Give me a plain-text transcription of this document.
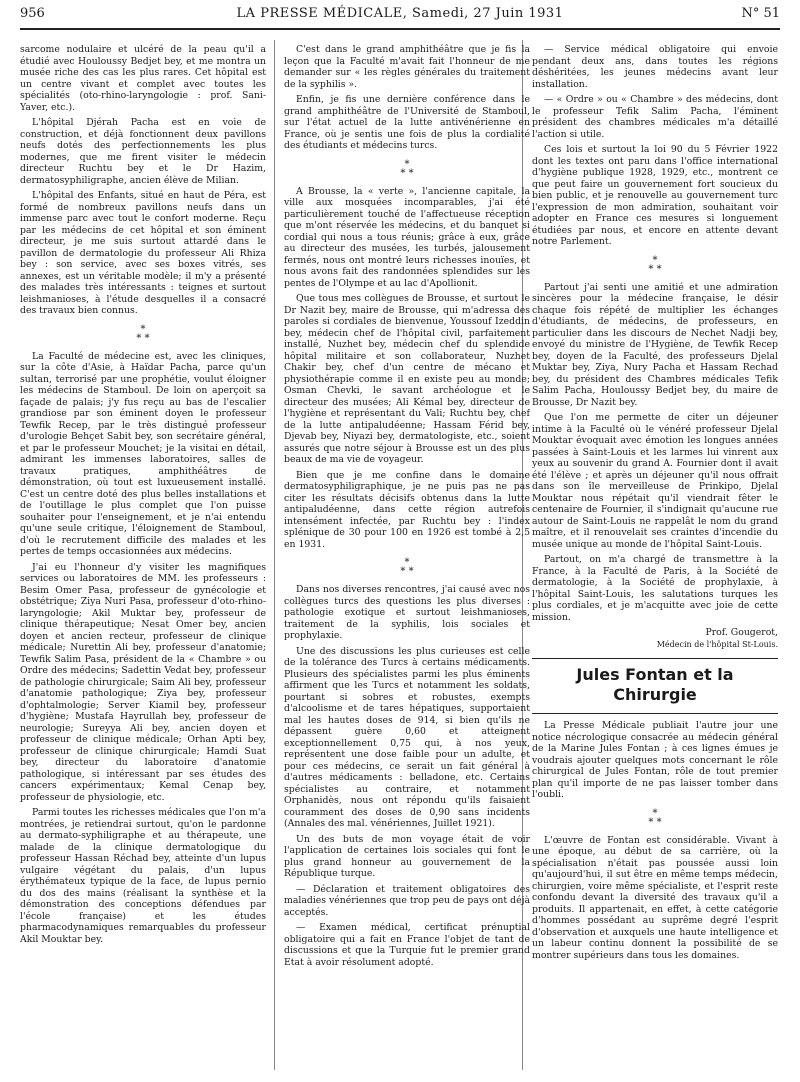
956	LA PRESSE MÉDICALE, Samedi, 27 Juin 1931	N° 51

sarcome nodulaire et ulcéré de la peau qu'il a étudié avec Houloussy Bedjet bey, et me montra un musée riche des cas les plus rares. Cet hôpital est un centre vivant et complet avec toutes les spécialités (oto-rhino-laryngologie : prof. Sani-Yaver, etc.).

L'hôpital Djérah Pacha est en voie de construction, et déjà fonctionnent deux pavillons neufs dotés des perfectionnements les plus modernes, que me firent visiter le médecin directeur Ruchtu bey et le Dr Hazim, dermatosyphiligraphe, ancien élève de Milian.

L'hôpital des Enfants, situé en haut de Péra, est formé de nombreux pavillons neufs dans un immense parc avec tout le confort moderne. Reçu par les médecins de cet hôpital et son éminent directeur, je me suis surtout attardé dans le pavillon de dermatologie du professeur Ali Rhiza bey : son service, avec ses boxes vitrés, ses annexes, est un véritable modèle; il m'y a présenté des malades très intéressants : teignes et surtout leishmanioses, à l'étude desquelles il a consacré des travaux bien connus.

*
* *

La Faculté de médecine est, avec les cliniques, sur la côte d'Asie, à Haïdar Pacha, parce qu'un sultan, terrorisé par une prophétie, voulut éloigner les médecins de Stamboul. De loin on aperçoit sa façade de palais; j'y fus reçu au bas de l'escalier grandiose par son éminent doyen le professeur Tewfik Recep, par le très distingué professeur d'urologie Behçet Sabit bey, son secrétaire général, et par le professeur Mouchet; je la visitai en détail, admirant les immenses laboratoires, salles de travaux pratiques, amphithéâtres de démonstration, où tout est luxueusement installé. C'est un centre doté des plus belles installations et de l'outillage le plus complet que l'on puisse souhaiter pour l'enseignement, et je n'ai entendu qu'une seule critique, l'éloignement de Stamboul, d'où le recrutement difficile des malades et les pertes de temps occasionnées aux médecins.

J'ai eu l'honneur d'y visiter les magnifiques services ou laboratoires de MM. les professeurs : Besim Omer Pasa, professeur de gynécologie et obstétrique; Ziya Nuri Pasa, professeur d'oto-rhino-laryngologie; Akil Muktar bey, professeur de clinique thérapeutique; Nesat Omer bey, ancien doyen et ancien recteur, professeur de clinique médicale; Nurettin Ali bey, professeur d'anatomie; Tewfik Salim Pasa, président de la « Chambre » ou Ordre des médecins; Sadettin Vedat bey, professeur de pathologie chirurgicale; Saim Ali bey, professeur d'anatomie pathologique; Ziya bey, professeur d'ophtalmologie; Server Kiamil bey, professeur d'hygiène; Mustafa Hayrullah bey, professeur de neurologie; Sureyya Ali bey, ancien doyen et professeur de clinique médicale; Orhan Apti bey, professeur de clinique chirurgicale; Hamdi Suat bey, directeur du laboratoire d'anatomie pathologique, si intéressant par ses études des cancers expérimentaux; Kemal Cenap bey, professeur de physiologie, etc.

Parmi toutes les richesses médicales que l'on m'a montrées, je retiendrai surtout, qu'on le pardonne au dermato-syphiligraphe et au thérapeute, une malade de la clinique dermatologique du professeur Hassan Réchad bey, atteinte d'un lupus vulgaire végétant du palais, d'un lupus érythémateux typique de la face, de lupus pernio du dos des mains (réalisant la synthèse et la démonstration des conceptions défendues par l'école française) et les études pharmacodynamiques remarquables du professeur Akil Mouktar bey.

C'est dans le grand amphithéâtre que je fis la leçon que la Faculté m'avait fait l'honneur de me demander sur « les règles générales du traitement de la syphilis ».

Enfin, je fis une dernière conférence dans le grand amphithéâtre de l'Université de Stamboul, sur l'état actuel de la lutte antivénérienne en France, où je sentis une fois de plus la cordialité des étudiants et médecins turcs.

*
* *

A Brousse, la « verte », l'ancienne capitale, la ville aux mosquées incomparables, j'ai été particulièrement touché de l'affectueuse réception que m'ont réservée les médecins, et du banquet si cordial qui nous a tous réunis; grâce à eux, grâce au directeur des musées, les turbés, jalousement fermés, nous ont montré leurs richesses inouïes, et nous avons fait des randonnées splendides sur les pentes de l'Olympe et au lac d'Apollionit.

Que tous mes collègues de Brousse, et surtout le Dr Nazit bey, maire de Brousse, qui m'adressa des paroles si cordiales de bienvenue, Youssouf Izeddin bey, médecin chef de l'hôpital civil, parfaitement installé, Nuzhet bey, médecin chef du splendide hôpital militaire et son collaborateur, Nuzhet Chakir bey, chef d'un centre de mécano et physiothérapie comme il en existe peu au monde; Osman Chevki, le savant archéologue et le directeur des musées; Ali Kémal bey, directeur de l'hygiène et représentant du Vali; Ruchtu bey, chef de la lutte antipaludéenne; Hassam Férid bey, Djevab bey, Niyazi bey, dermatologiste, etc., soient assurés que notre séjour à Brousse est un des plus beaux de ma vie de voyageur.

Bien que je me confine dans le domaine dermatosyphiligraphique, je ne puis pas ne pas citer les résultats décisifs obtenus dans la lutte antipaludéenne, dans cette région autrefois intensément infectée, par Ruchtu bey : l'index splénique de 30 pour 100 en 1926 est tombé à 2,5 en 1931.

*
* *

Dans nos diverses rencontres, j'ai causé avec nos collègues turcs des questions les plus diverses : pathologie exotique et surtout leishmanioses, traitement de la syphilis, lois sociales et prophylaxie.

Une des discussions les plus curieuses est celle de la tolérance des Turcs à certains médicaments. Plusieurs des spécialistes parmi les plus éminents affirment que les Turcs et notamment les soldats, pourtant si sobres et robustes, exempts d'alcoolisme et de tares hépatiques, supportaient mal les hautes doses de 914, si bien qu'ils ne dépassent guère 0,60 et atteignent exceptionnellement 0,75 qui, à nos yeux, représentent une dose faible pour un adulte, et pour ces médecins, ce serait un fait général à d'autres médicaments : belladone, etc. Certains spécialistes au contraire, et notamment Orphanidès, nous ont répondu qu'ils faisaient couramment des doses de 0,90 sans incidents (Annales des mal. vénériennes, Juillet 1921).

Un des buts de mon voyage était de voir l'application de certaines lois sociales qui font le plus grand honneur au gouvernement de la République turque.

— Déclaration et traitement obligatoires des maladies vénériennes que trop peu de pays ont déjà acceptés.

— Examen médical, certificat prénuptial obligatoire qui a fait en France l'objet de tant de discussions et que la Turquie fut le premier grand Etat à avoir résolument adopté.

— Service médical obligatoire qui envoie pendant deux ans, dans toutes les régions déshéritées, les jeunes médecins avant leur installation.

— « Ordre » ou « Chambre » des médecins, dont le professeur Tefik Salim Pacha, l'éminent président des chambres médicales m'a détaillé l'action si utile.

Ces lois et surtout la loi 90 du 5 Février 1922 dont les textes ont paru dans l'office international d'hygiène publique 1928, 1929, etc., montrent ce que peut faire un gouvernement fort soucieux du bien public, et je renouvelle au gouvernement turc l'expression de mon admiration, souhaitant voir adopter en France ces mesures si longuement étudiées par nous, et encore en attente devant notre Parlement.

*
* *

Partout j'ai senti une amitié et une admiration sincères pour la médecine française, le désir chaque fois répété de multiplier les échanges d'étudiants, de médecins, de professeurs, en particulier dans les discours de Nechet Nadji bey, envoyé du ministre de l'Hygiène, de Tewfik Recep bey, doyen de la Faculté, des professeurs Djelal Muktar bey, Ziya, Nury Pacha et Hassam Rechad bey, du président des Chambres médicales Tefik Salim Pacha, Houloussy Bedjet bey, du maire de Brousse, Dr Nazit bey.

Que l'on me permette de citer un déjeuner intime à la Faculté où le vénéré professeur Djelal Mouktar évoquait avec émotion les longues années passées à Saint-Louis et les larmes lui vinrent aux yeux au souvenir du grand A. Fournier dont il avait été l'élève ; et après un déjeuner qu'il nous offrait dans son île merveilleuse de Prinkipo, Djelal Mouktar nous répétait qu'il viendrait fêter le centenaire de Fournier, il s'indignait qu'aucune rue autour de Saint-Louis ne rappelât le nom du grand maître, et il renouvelait ses craintes d'incendie du musée unique au monde de l'hôpital Saint-Louis.

Partout, on m'a chargé de transmettre à la France, à la Faculté de Paris, à la Société de dermatologie, à la Société de prophylaxie, à l'hôpital Saint-Louis, les salutations turques les plus cordiales, et je m'acquitte avec joie de cette mission.

Prof. Gougerot,
Médecin de l'hôpital St-Louis.
Jules Fontan et la Chirurgie

La Presse Médicale publiait l'autre jour une notice nécrologique consacrée au médecin général de la Marine Jules Fontan ; à ces lignes émues je voudrais ajouter quelques mots concernant le rôle chirurgical de Jules Fontan, rôle de tout premier plan qu'il importe de ne pas laisser tomber dans l'oubli.

*
* *

L'œuvre de Fontan est considérable. Vivant à une époque, au début de sa carrière, où la spécialisation n'était pas poussée aussi loin qu'aujourd'hui, il sut être en même temps médecin, chirurgien, voire même spécialiste, et l'esprit reste confondu devant la diversité des travaux qu'il a produits. Il appartenait, en effet, à cette catégorie d'hommes possédant au suprême degré l'esprit d'observation et auxquels une haute intelligence et un labeur continu donnent la possibilité de se montrer supérieurs dans tous les domaines.
